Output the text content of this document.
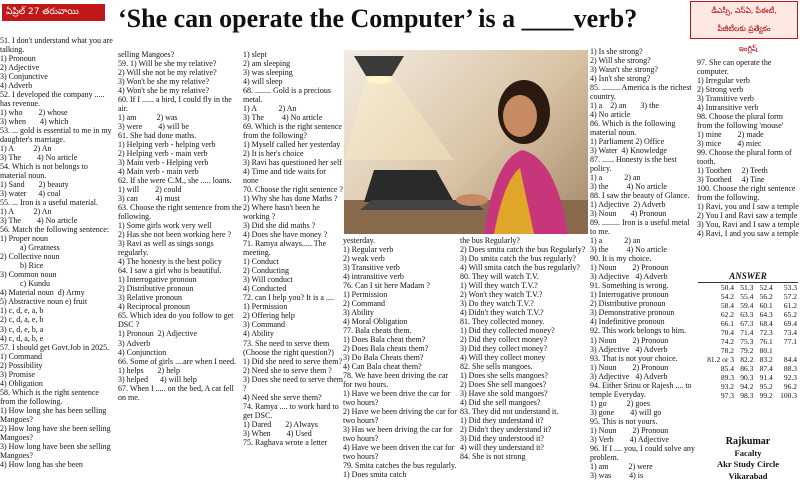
ఏప్రిల్ 27 తరువాయి	‘She can operate the Computer’ is a ____verb?	డీఎస్సీ, ఎస్ఏ, పీఈటీ,
పీజీటీలకు ప్రత్యేకం
51. I don't understand what you are talking.
1) Pronoun
2) Adjective
3) Conjunctive
4) Adverb
52. I developed the company ..... has revenue.
1) who        2) whose
3) when       4) which
53. ... gold is essential to me in my daughter's marriage.
1) A          2) An
3) The        4) No article
54. Which is not belongs to material noun.
1) Sand       2) beauty
3) water      4) coal
55. ... Iron is a useful material.
1) A          2) An
3) The        4) No article
56. Match the following sentence:
1) Proper noun
a) Greatness
2) Collective noun
b) Rice
3) Common noun
c) Kundu
4) Material noun  d) Army
5) Abstractive noun e) fruit
1) c, d, e, a, b
2) c, d, a, e, b
3) c, d, e, b, a
4) c, d, a, b, e
57. I should get Govt.Job in 2025.
1) Command
2) Possibility
3) Promise
4) Obligation
58. Which is the right sentence from the following.
1) How long she has been selling Mangoes?
2) How long have she been selling Mangoes?
3) How long have been she selling Mangoes?
4) How long has she been
selling Mangoes?
59. 1) Will be she my relative?
2) Will she not be my relative?
3) Won't be she my relative?
4) Won't she be my relative?
60. If I ...... a bird, I could fly in the air.
1) am          2) was
3) were        4) will be
61. She had done maths.
1) Helping verb - helping verb
2) Helping verb - main verb
3) Main verb - Helping verb
4) Main verb - main verb
62. If she were C.M., she ..... loans.
1) will        2) could
3) can         4) must
63. Choose the right sentence from the following.
1) Some girls work very well
2) Has she not been working here ?
3) Ravi as well as sings songs regularly.
4) The honesty is the best policy
64. I saw a girl who is beautiful.
1) Interrogative pronoun
2) Distributive pronoun
3) Relative pronoun
4) Reciprocal pronoun
65. Which idea do you follow to get DSC ?
1) Pronoun  2) Adjective
3) Adverb
4) Conjunction
66. Some of girls ....are when I need.
1) helps       2) help
3) helped      4) will help
67. When I ..... on the bed, A cat fell on me.
1) slept
2) am sleeping
3) was sleeping
4) will sleep
68. ........ Gold is a precious metal.
1) A           2) An
3) The         4) No article
69. Which is the right sentence from the following?
1) Myself called her yesterday
2) It is her's choice
3) Ravi has questioned her self
4) Time and tide waits for none
70. Choose the right sentence ?
1) Why she has done Maths ?
2) Where hasn't been he working ?
3) Did she did maths ?
4) Does she have money ?
71. Ramya always..... The meeting.
1) Conduct
2) Conducting
3) Will conduct
4) Conducted
72. can I help you? It is a ....
1) Permission
2) Offering help
3) Command
4) Ability
73. She need to serve them (Choose the right question?)
1) Did she need to serve them?
2) Need she to serve them ?
3) Does she need to serve them ?
4) Need she serve them?
74. Ramya .... to work hard to get DSC.
1) Dared       2) Always
3) When        4) Used
75. Raghava wrote a letter
yesterday.
1) Regular verb
2) weak verb
3) Transitive verb
4) intransitive verb
76. Can I sit here Madam ?
1) Permission
2) Command
3) Ability
4) Moral Obligation
77. Bala cheats them.
1) Does Bala cheat them?
2) Does Bala cheats them?
3) Do Bala Cheats them?
4) Can Bala cheat them?
78. We have been driving the car for two hours.
1) Have we been drive the car for two hours?
2) Have we been driving the car for two hours?
3) Has we been driving the car for two hours?
4) Have we been driven the car for two hours?
79. Smita catches the bus regularly.
1) Does smita catch
the bus Regularly?
2) Does smita catch the bus Regularly?
3) Do smita catch the bus regularly?
4) Will smita catch the bus regularly?
80. They will watch T.V.
1) Will they watch T.V.?
2) Won't they watch T.V.?
3) Do they watch T.V.?
4) Didn't they watch T.V.?
81. They collected money.
1) Did they collected money?
2) Did they collect money?
3) Did they collect money?
4) Will they collect money
82. She sells mangoes.
1) Does she sells mangoes?
2) Does She sell mangoes?
3) Have she sold mangoes?
4) Did she sell mangoes?
83. They did not understand it.
1) Did they understand it?
2) Didn't they understand it?
3) Did they understood it?
4) will they understand it?
84. She is not strong
1) Is she strong?
2) Will she strong?
3) Wasn't she strong?
4) Isn't she strong?
85. ......... America is the richest country.
1) a    2) an       3) the
4) No article
86. Which is the following material noun.
1) Parliament 2) Office
3) Water  4) Knowledge
87. ...... Honesty is the best policy.
1) a           2) an
3) the         4) No article
88. I saw the beauty of Glance.
1) Adjective  2) Adverb
3) Noun       4) Pronoun
89. ......... Iron is a useful metal to me.
1) a           2) an
3) the         4) No article
90. It is my choice.
1) Noun        2) Pronoun
3) Adjective   4) Adverb
91. Something is wrong.
1) Interrogative pronoun
2) Distributive pronoun
3) Demonstrative pronoun
4) Indefinitive pronoun
92. This work belongs to him.
1) Noun        2) Pronoun
3) Adjective   4) Adverb
93. That is not your choice.
1) Noun        2) Pronoun
3) Adjective   4) Adverb
94. Either Srinu or Rajesh .... to temple Everyday.
1) go          2) goes
3) gone        4) will go
95. This is not yours.
1) Noun        2) Pronoun
3) Verb        4) Adjective
96. If I .... you, I could solve any problem.
1) am          2) were
3) was         4) is
ఇంగ్లిష్
97. She can operate the computer.
1) Irregular verb
2) Strong verb
3) Transitive verb
4) Intransitive verb
98. Choose the plural form from the following 'mouse'
1) mine        2) made
3) mice        4) miec
99. Choose the plural form of tooth.
1) Toothen     2) Teeth
3) Toothed     4) Tine
100. Choose the right sentence from the following.
1) Ravi, you and I saw a temple
2) You I and Ravi saw a temple
3) You, Ravi and I saw a temple
4) Ravi, I and you saw a temple
ANSWER
50.4	51.3	52.4	53.3
54.2	55.4	56.2	57.2
58.4	59.4	60.1	61.2
62.2	63.3	64.3	65.2
66.1	67.3	68.4	69.4
70.4	71.4	72.3	73.4
74.2	75.3	76.1	77.1
78.2	79.2	80.1	
81.2 or 3	82.2	83.2	84.4
85.4	86.3	87.4	88.3
89.3	90.3	91.4	92.3
93.2	94.2	95.2	96.2
97.3	98.3	99.2	100.3
Rajkumar
Facalty
Akr Study Circle
Vikarabad
